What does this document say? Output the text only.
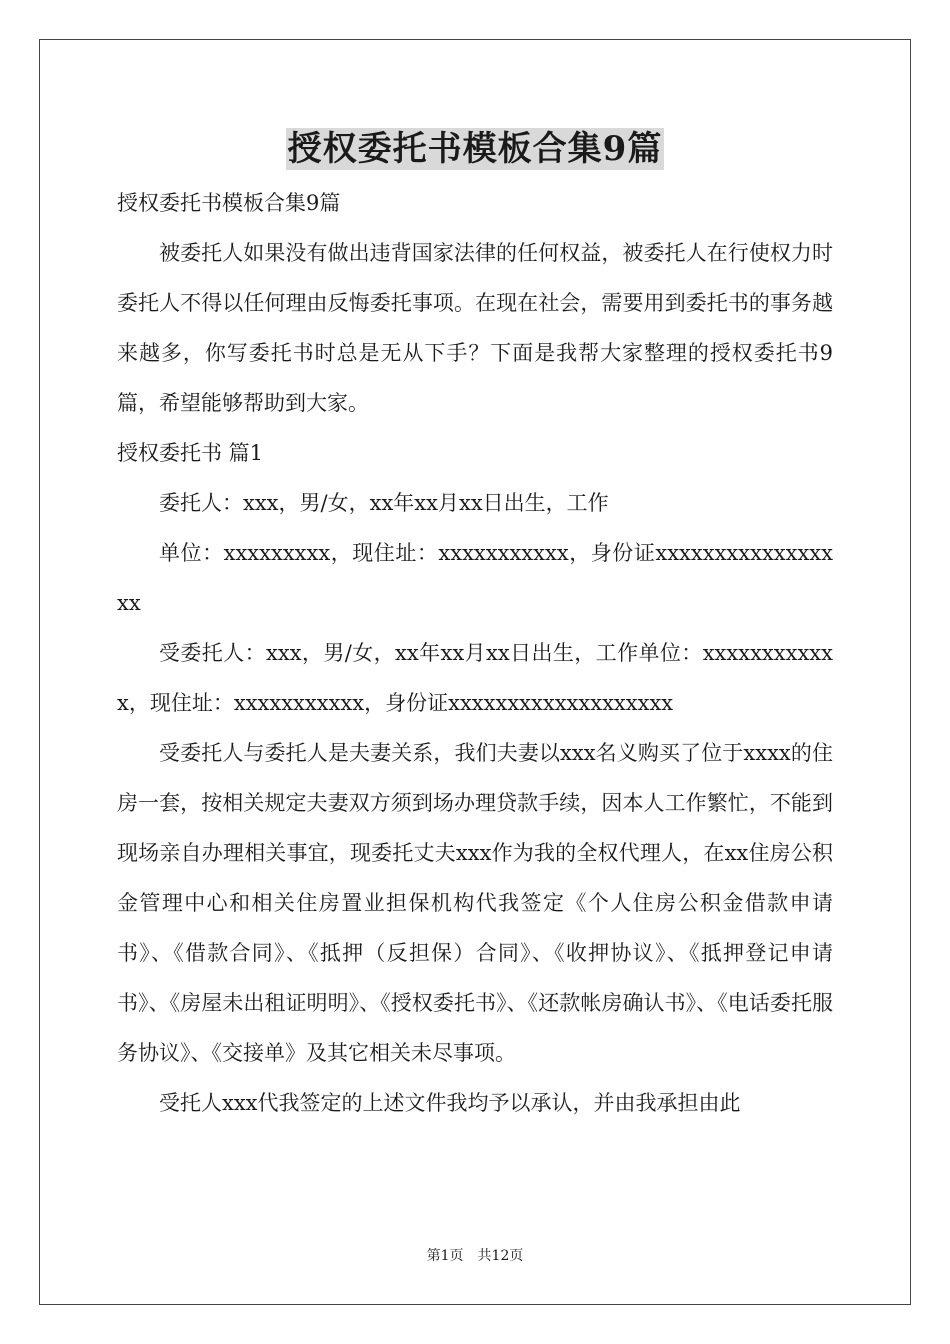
授权委托书模板合集9篇

授权委托书模板合集9篇

被委托人如果没有做出违背国家法律的任何权益，被委托人在行使权力时委托人不得以任何理由反悔委托事项。在现在社会，需要用到委托书的事务越来越多，你写委托书时总是无从下手？下面是我帮大家整理的授权委托书9篇，希望能够帮助到大家。

授权委托书 篇1

委托人：xxx，男/女，xx年xx月xx日出生，工作

单位：xxxxxxxxx，现住址：xxxxxxxxxxx，身份证xxxxxxxxxxxxxxxxx

受委托人：xxx，男/女，xx年xx月xx日出生，工作单位：xxxxxxxxxxxx，现住址：xxxxxxxxxxx，身份证xxxxxxxxxxxxxxxxxxx

受委托人与委托人是夫妻关系，我们夫妻以xxx名义购买了位于xxxx的住房一套，按相关规定夫妻双方须到场办理贷款手续，因本人工作繁忙，不能到现场亲自办理相关事宜，现委托丈夫xxx作为我的全权代理人，在xx住房公积金管理中心和相关住房置业担保机构代我签定《个人住房公积金借款申请书》、《借款合同》、《抵押（反担保）合同》、《收押协议》、《抵押登记申请书》、《房屋未出租证明明》、《授权委托书》、《还款帐房确认书》、《电话委托服务协议》、《交接单》及其它相关未尽事项。

受托人xxx代我签定的上述文件我均予以承认，并由我承担由此

第1页 共12页
